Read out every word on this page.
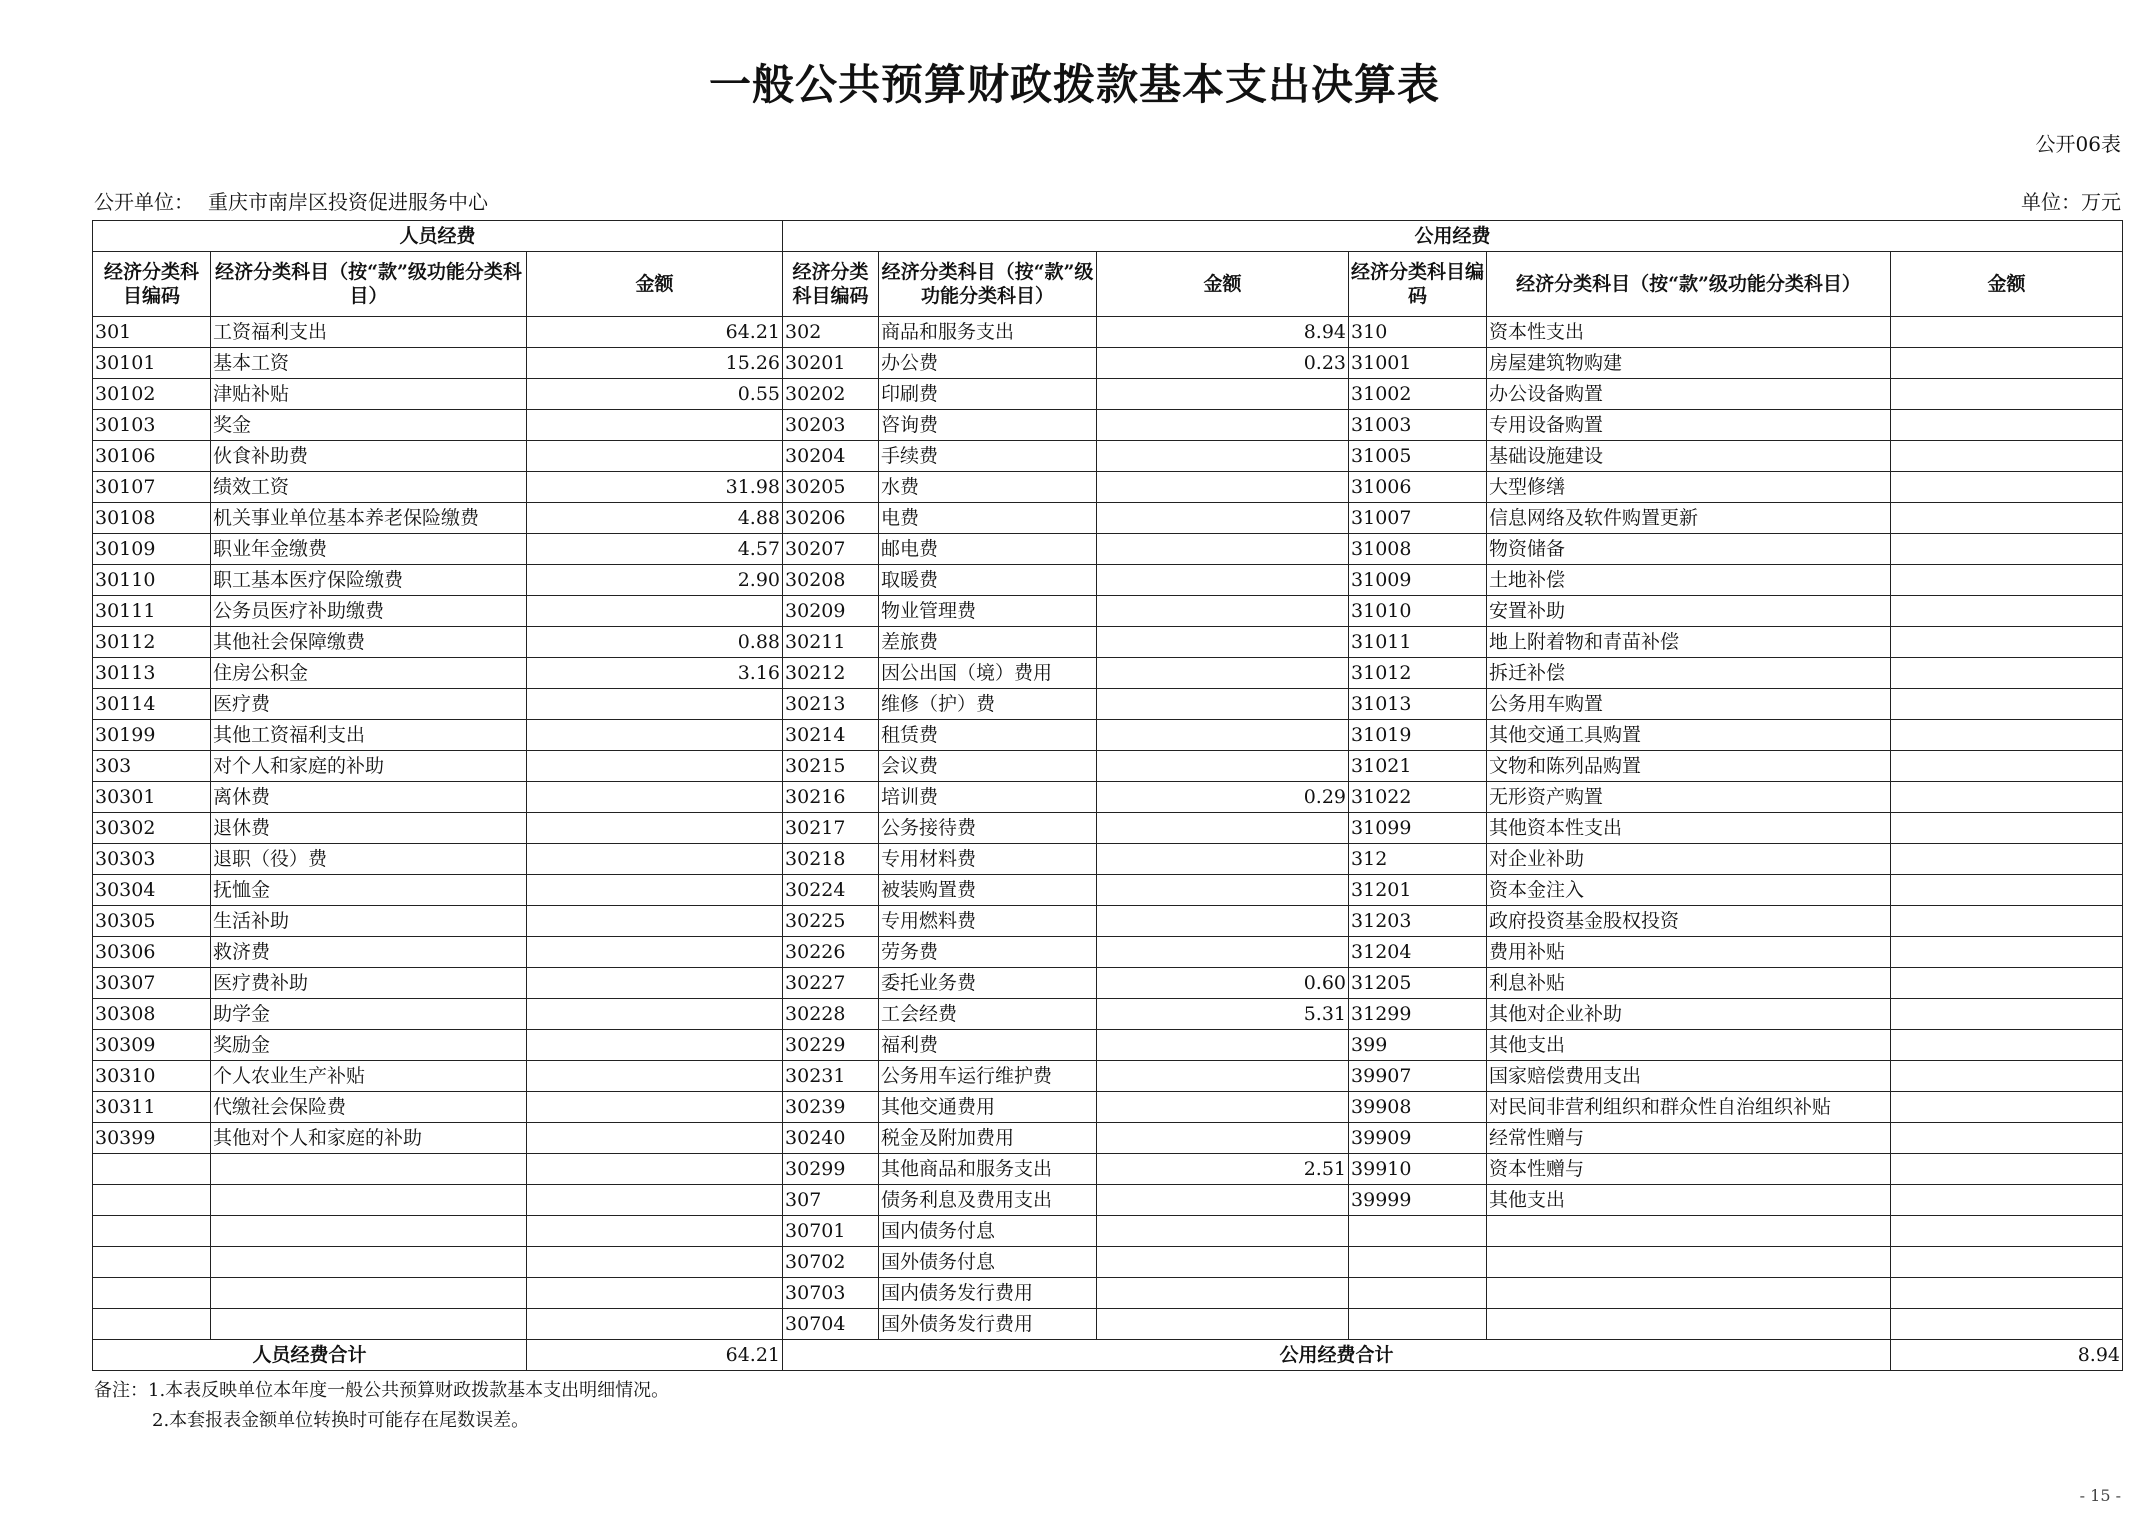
一般公共预算财政拨款基本支出决算表
公开06表
公开单位： 重庆市南岸区投资促进服务中心	单位：万元
人员经费			公用经费					
经济分类科目编码	经济分类科目（按“款”级功能分类科目）	金额	经济分类科目编码	经济分类科目（按“款”级功能分类科目）	金额	经济分类科目编码	经济分类科目（按“款”级功能分类科目）	金额
301	工资福利支出	64.21	302	商品和服务支出	8.94	310	资本性支出	
30101	基本工资	15.26	30201	办公费	0.23	31001	房屋建筑物购建	
30102	津贴补贴	0.55	30202	印刷费		31002	办公设备购置	
30103	奖金		30203	咨询费		31003	专用设备购置	
30106	伙食补助费		30204	手续费		31005	基础设施建设	
30107	绩效工资	31.98	30205	水费		31006	大型修缮	
30108	机关事业单位基本养老保险缴费	4.88	30206	电费		31007	信息网络及软件购置更新	
30109	职业年金缴费	4.57	30207	邮电费		31008	物资储备	
30110	职工基本医疗保险缴费	2.90	30208	取暖费		31009	土地补偿	
30111	公务员医疗补助缴费		30209	物业管理费		31010	安置补助	
30112	其他社会保障缴费	0.88	30211	差旅费		31011	地上附着物和青苗补偿	
30113	住房公积金	3.16	30212	因公出国（境）费用		31012	拆迁补偿	
30114	医疗费		30213	维修（护）费		31013	公务用车购置	
30199	其他工资福利支出		30214	租赁费		31019	其他交通工具购置	
303	对个人和家庭的补助		30215	会议费		31021	文物和陈列品购置	
30301	离休费		30216	培训费	0.29	31022	无形资产购置	
30302	退休费		30217	公务接待费		31099	其他资本性支出	
30303	退职（役）费		30218	专用材料费		312	对企业补助	
30304	抚恤金		30224	被装购置费		31201	资本金注入	
30305	生活补助		30225	专用燃料费		31203	政府投资基金股权投资	
30306	救济费		30226	劳务费		31204	费用补贴	
30307	医疗费补助		30227	委托业务费	0.60	31205	利息补贴	
30308	助学金		30228	工会经费	5.31	31299	其他对企业补助	
30309	奖励金		30229	福利费		399	其他支出	
30310	个人农业生产补贴		30231	公务用车运行维护费		39907	国家赔偿费用支出	
30311	代缴社会保险费		30239	其他交通费用		39908	对民间非营利组织和群众性自治组织补贴	
30399	其他对个人和家庭的补助		30240	税金及附加费用		39909	经常性赠与	
			30299	其他商品和服务支出	2.51	39910	资本性赠与	
			307	债务利息及费用支出		39999	其他支出	
			30701	国内债务付息				
			30702	国外债务付息				
			30703	国内债务发行费用				
			30704	国外债务发行费用				
人员经费合计		64.21	公用经费合计					8.94
备注：1.本表反映单位本年度一般公共预算财政拨款基本支出明细情况。
2.本套报表金额单位转换时可能存在尾数误差。
- 15 -
